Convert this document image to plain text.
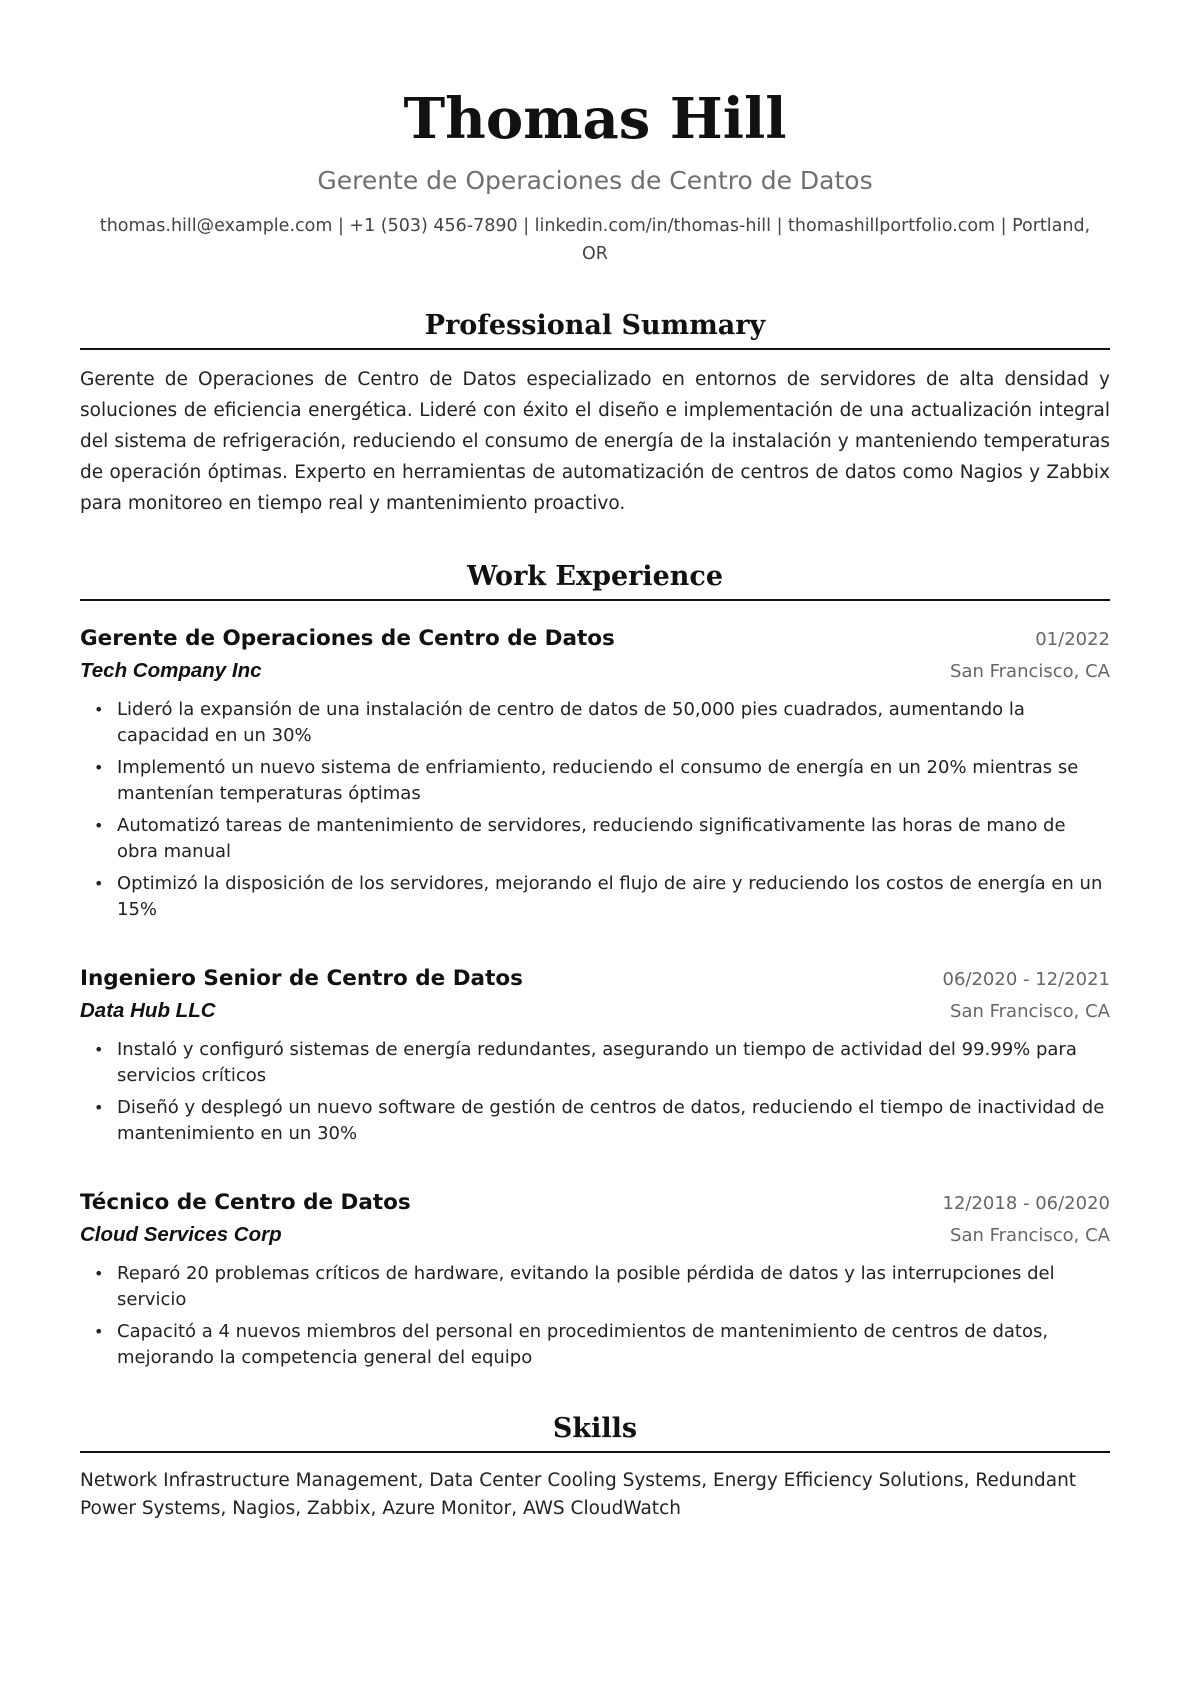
Thomas Hill
Gerente de Operaciones de Centro de Datos
thomas.hill@example.com | +1 (503) 456-7890 | linkedin.com/in/thomas-hill | thomashillportfolio.com | Portland, OR
Professional Summary
Gerente de Operaciones de Centro de Datos especializado en entornos de servidores de alta densidad y soluciones de eficiencia energética. Lideré con éxito el diseño e implementación de una actualización integral del sistema de refrigeración, reduciendo el consumo de energía de la instalación y manteniendo temperaturas de operación óptimas. Experto en herramientas de automatización de centros de datos como Nagios y Zabbix para monitoreo en tiempo real y mantenimiento proactivo.
Work Experience
Gerente de Operaciones de Centro de Datos	01/2022
Tech Company Inc	San Francisco, CA
• Lideró la expansión de una instalación de centro de datos de 50,000 pies cuadrados, aumentando la capacidad en un 30%
• Implementó un nuevo sistema de enfriamiento, reduciendo el consumo de energía en un 20% mientras se mantenían temperaturas óptimas
• Automatizó tareas de mantenimiento de servidores, reduciendo significativamente las horas de mano de obra manual
• Optimizó la disposición de los servidores, mejorando el flujo de aire y reduciendo los costos de energía en un 15%
Ingeniero Senior de Centro de Datos	06/2020 - 12/2021
Data Hub LLC	San Francisco, CA
• Instaló y configuró sistemas de energía redundantes, asegurando un tiempo de actividad del 99.99% para servicios críticos
• Diseñó y desplegó un nuevo software de gestión de centros de datos, reduciendo el tiempo de inactividad de mantenimiento en un 30%
Técnico de Centro de Datos	12/2018 - 06/2020
Cloud Services Corp	San Francisco, CA
• Reparó 20 problemas críticos de hardware, evitando la posible pérdida de datos y las interrupciones del servicio
• Capacitó a 4 nuevos miembros del personal en procedimientos de mantenimiento de centros de datos, mejorando la competencia general del equipo
Skills
Network Infrastructure Management, Data Center Cooling Systems, Energy Efficiency Solutions, Redundant Power Systems, Nagios, Zabbix, Azure Monitor, AWS CloudWatch
